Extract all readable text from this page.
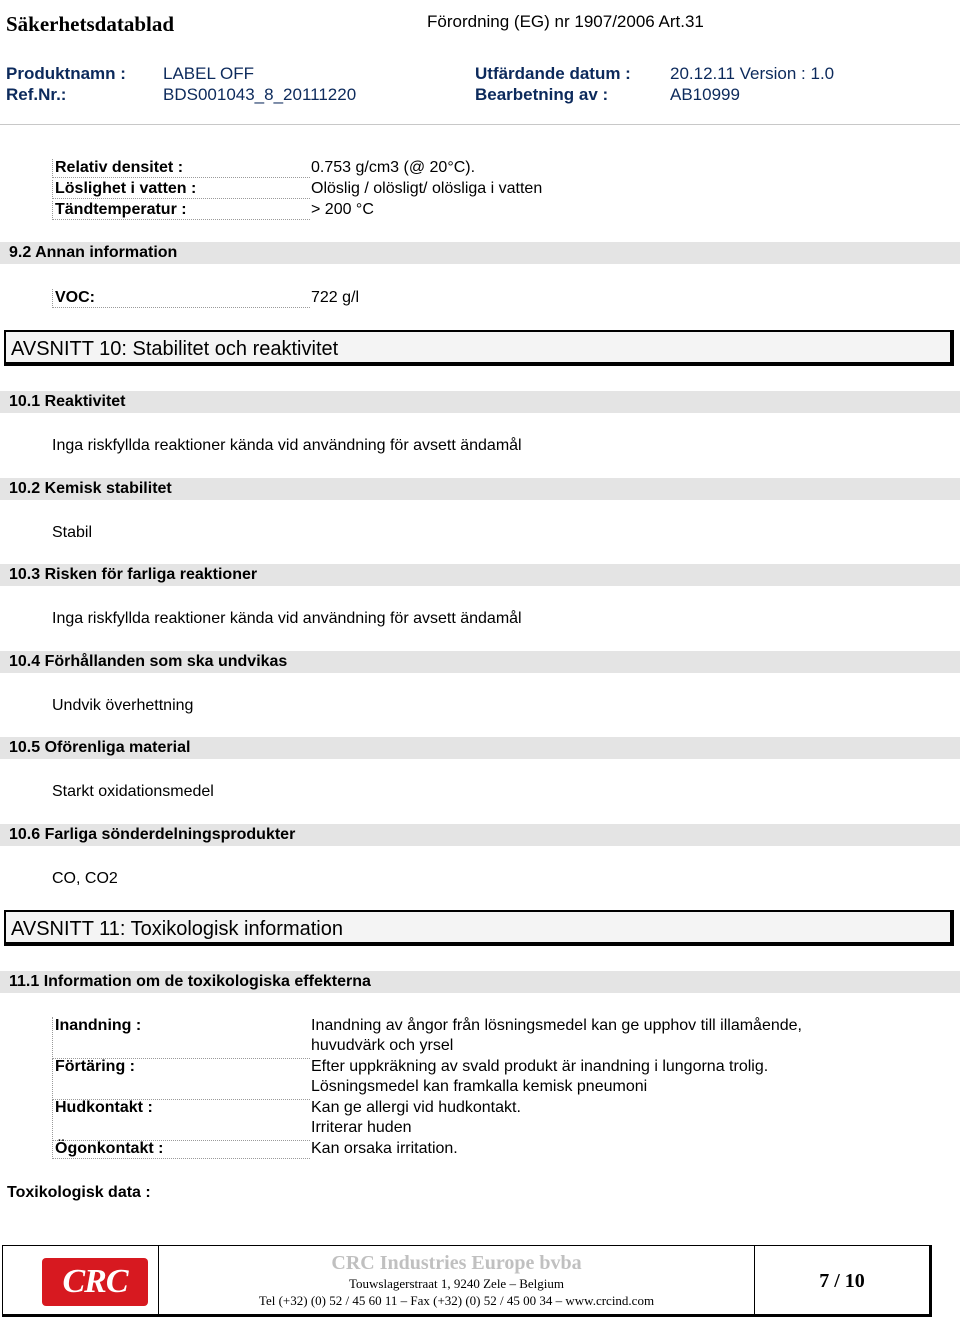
Säkerhetsdatablad	Förordning (EG) nr 1907/2006 Art.31
Produktnamn : LABEL OFF	Utfärdande datum : 20.12.11 Version : 1.0
Ref.Nr.:	BDS001043_8_20111220	Bearbetning av :	AB10999
Relativ densitet :	0.753 g/cm3 (@ 20°C).
Löslighet i vatten :	Olöslig / olösligt/ olösliga i vatten
Tändtemperatur :	> 200 °C
9.2 Annan information
VOC:	722 g/l
AVSNITT 10: Stabilitet och reaktivitet
10.1 Reaktivitet
Inga riskfyllda reaktioner kända vid användning för avsett ändamål
10.2 Kemisk stabilitet
Stabil
10.3 Risken för farliga reaktioner
Inga riskfyllda reaktioner kända vid användning för avsett ändamål
10.4 Förhållanden som ska undvikas
Undvik överhettning
10.5 Oförenliga material
Starkt oxidationsmedel
10.6 Farliga sönderdelningsprodukter
CO, CO2
AVSNITT 11: Toxikologisk information
11.1 Information om de toxikologiska effekterna
Inandning :	Inandning av ångor från lösningsmedel kan ge upphov till illamående,
huvudvärk och yrsel
Förtäring :	Efter uppkräkning av svald produkt är inandning i lungorna trolig.
Lösningsmedel kan framkalla kemisk pneumoni
Hudkontakt :	Kan ge allergi vid hudkontakt.
Irriterar huden
Ögonkontakt :	Kan orsaka irritation.
Toxikologisk data :
CRC	CRC Industries Europe bvba
Touwslagerstraat 1, 9240 Zele – Belgium
Tel (+32) (0) 52 / 45 60 11 – Fax (+32) (0) 52 / 45 00 34 – www.crcind.com
7 / 10
